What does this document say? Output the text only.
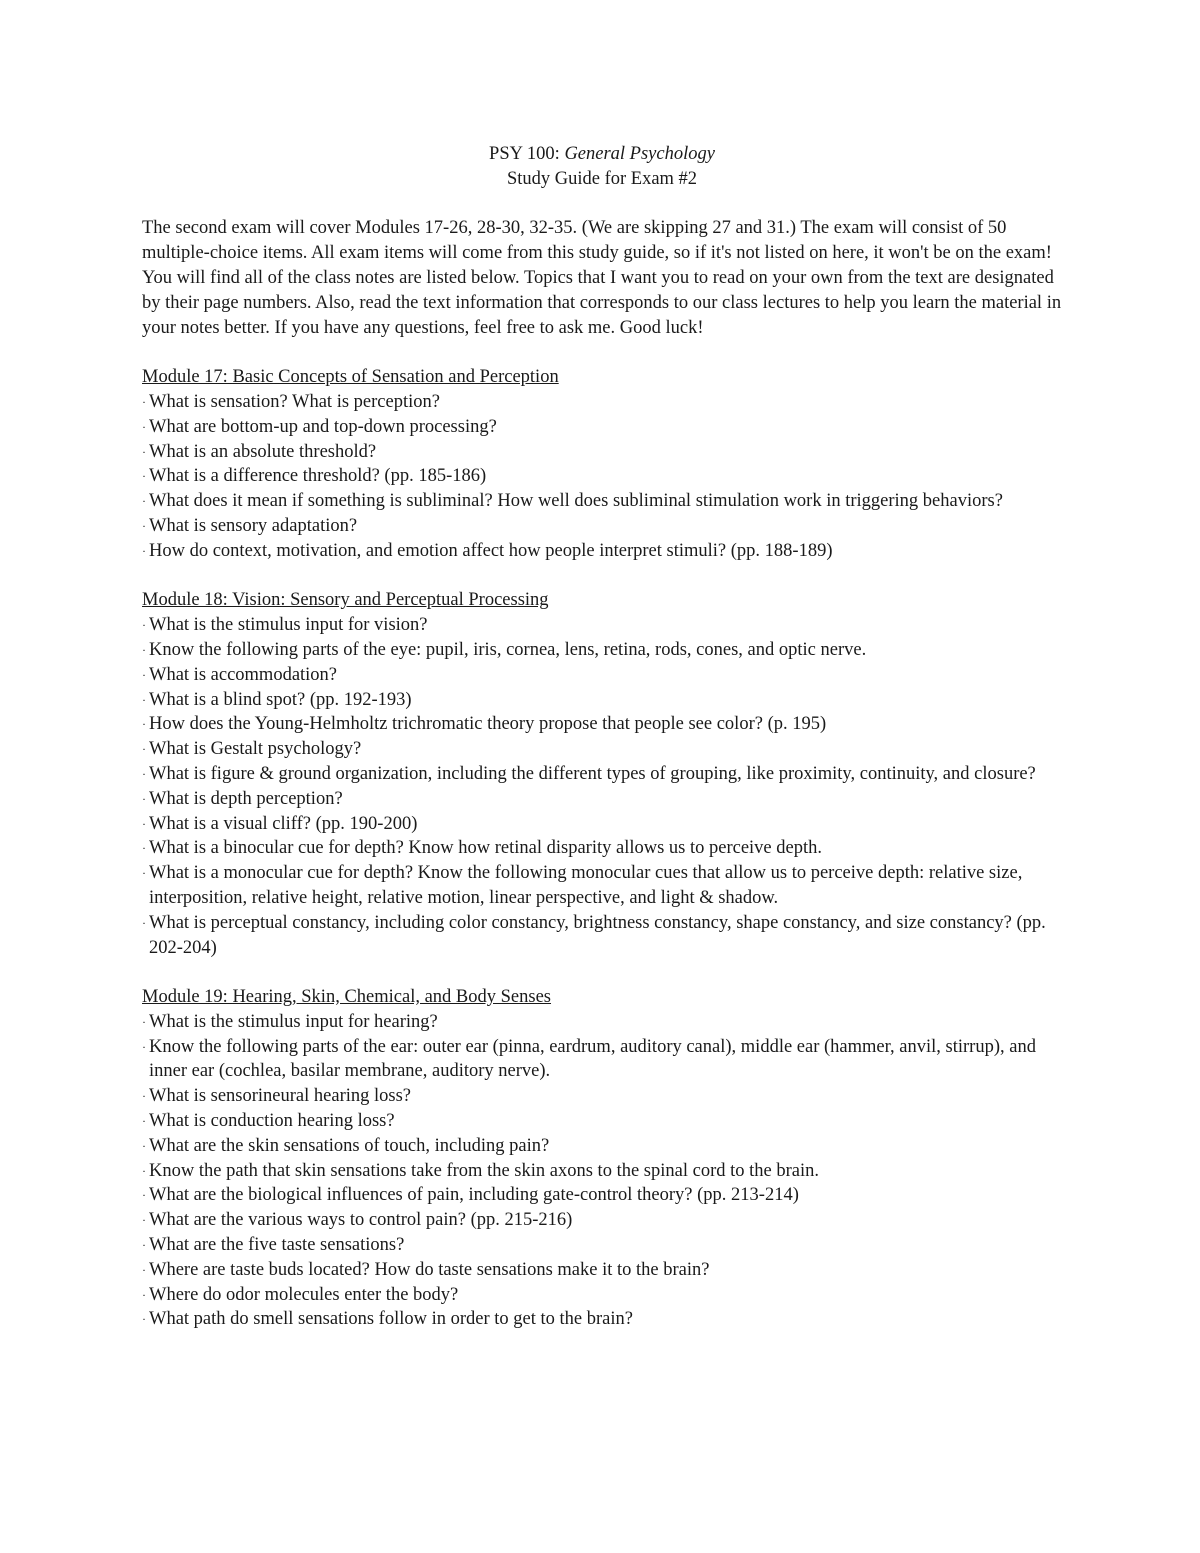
PSY 100: General Psychology
Study Guide for Exam #2

The second exam will cover Modules 17-26, 28-30, 32-35. (We are skipping 27 and 31.) The exam will consist of 50 multiple-choice items. All exam items will come from this study guide, so if it's not listed on here, it won't be on the exam! You will find all of the class notes are listed below. Topics that I want you to read on your own from the text are designated by their page numbers. Also, read the text information that corresponds to our class lectures to help you learn the material in your notes better. If you have any questions, feel free to ask me. Good luck!

Module 17: Basic Concepts of Sensation and Perception
· What is sensation? What is perception?
· What are bottom-up and top-down processing?
· What is an absolute threshold?
· What is a difference threshold? (pp. 185-186)
· What does it mean if something is subliminal? How well does subliminal stimulation work in triggering behaviors?
· What is sensory adaptation?
· How do context, motivation, and emotion affect how people interpret stimuli? (pp. 188-189)
Module 18: Vision: Sensory and Perceptual Processing
· What is the stimulus input for vision?
· Know the following parts of the eye: pupil, iris, cornea, lens, retina, rods, cones, and optic nerve.
· What is accommodation?
· What is a blind spot? (pp. 192-193)
· How does the Young-Helmholtz trichromatic theory propose that people see color? (p. 195)
· What is Gestalt psychology?
· What is figure & ground organization, including the different types of grouping, like proximity, continuity, and closure?
· What is depth perception?
· What is a visual cliff? (pp. 190-200)
· What is a binocular cue for depth? Know how retinal disparity allows us to perceive depth.
· What is a monocular cue for depth? Know the following monocular cues that allow us to perceive depth: relative size, interposition, relative height, relative motion, linear perspective, and light & shadow.
· What is perceptual constancy, including color constancy, brightness constancy, shape constancy, and size constancy? (pp. 202-204)
Module 19: Hearing, Skin, Chemical, and Body Senses
· What is the stimulus input for hearing?
· Know the following parts of the ear: outer ear (pinna, eardrum, auditory canal), middle ear (hammer, anvil, stirrup), and inner ear (cochlea, basilar membrane, auditory nerve).
· What is sensorineural hearing loss?
· What is conduction hearing loss?
· What are the skin sensations of touch, including pain?
· Know the path that skin sensations take from the skin axons to the spinal cord to the brain.
· What are the biological influences of pain, including gate-control theory? (pp. 213-214)
· What are the various ways to control pain? (pp. 215-216)
· What are the five taste sensations?
· Where are taste buds located? How do taste sensations make it to the brain?
· Where do odor molecules enter the body?
· What path do smell sensations follow in order to get to the brain?
